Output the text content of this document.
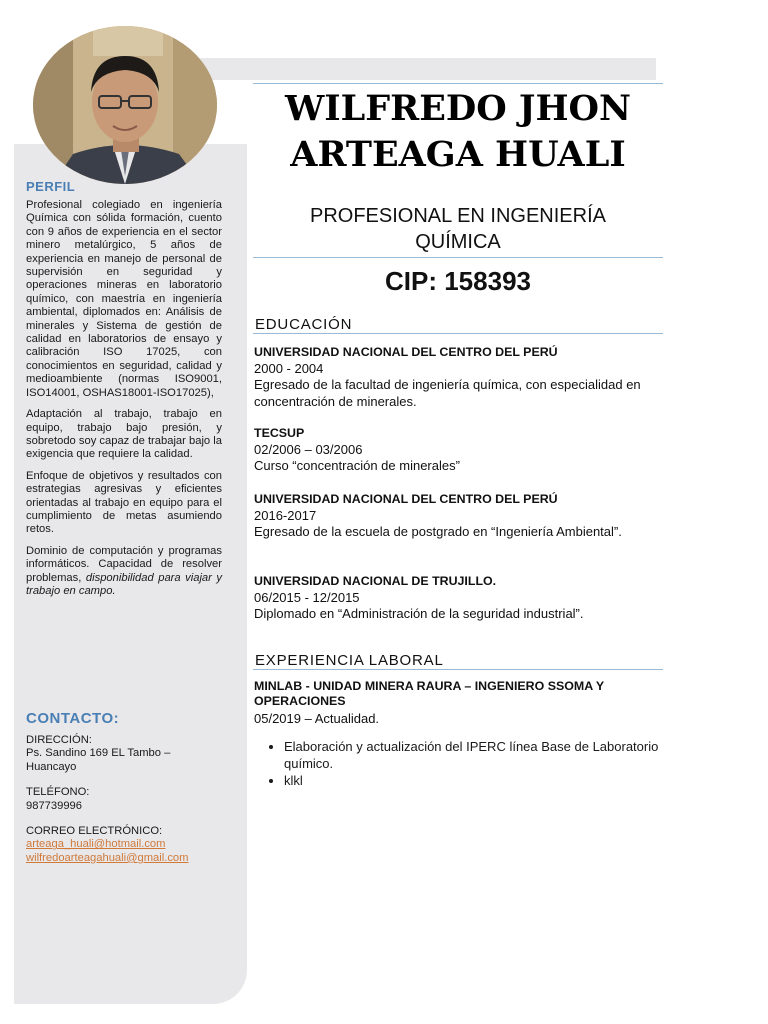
PERFIL

Profesional colegiado en ingeniería Química con sólida formación, cuento con 9 años de experiencia en el sector minero metalúrgico, 5 años de experiencia en manejo de personal de supervisión en seguridad y operaciones mineras en laboratorio químico, con maestría en ingeniería ambiental, diplomados en: Análisis de minerales y Sistema de gestión de calidad en laboratorios de ensayo y calibración ISO 17025, con conocimientos en seguridad, calidad y medioambiente (normas ISO9001, ISO14001, OSHAS18001-ISO17025),

Adaptación al trabajo, trabajo en equipo, trabajo bajo presión, y sobretodo soy capaz de trabajar bajo la exigencia que requiere la calidad.

Enfoque de objetivos y resultados con estrategias agresivas y eficientes orientadas al trabajo en equipo para el cumplimiento de metas asumiendo retos.

Dominio de computación y programas informáticos. Capacidad de resolver problemas, disponibilidad para viajar y trabajo en campo.

CONTACTO:
DIRECCIÓN:
Ps. Sandino 169 EL Tambo – Huancayo
TELÉFONO:
987739996
CORREO ELECTRÓNICO:
arteaga_huali@hotmail.com
wilfredoarteagahuali@gmail.com
WILFREDO JHON
ARTEAGA HUALI
PROFESIONAL EN INGENIERÍA
QUÍMICA
CIP: 158393
EDUCACIÓN
UNIVERSIDAD NACIONAL DEL CENTRO DEL PERÚ
2000 - 2004
Egresado de la facultad de ingeniería química, con especialidad en concentración de minerales.
TECSUP
02/2006 – 03/2006
Curso “concentración de minerales”
UNIVERSIDAD NACIONAL DEL CENTRO DEL PERÚ
2016-2017
Egresado de la escuela de postgrado en “Ingeniería Ambiental”.
UNIVERSIDAD NACIONAL DE TRUJILLO.
06/2015 - 12/2015
Diplomado en “Administración de la seguridad industrial”.
EXPERIENCIA LABORAL
MINLAB - UNIDAD MINERA RAURA – INGENIERO SSOMA Y OPERACIONES
05/2019 – Actualidad.
• Elaboración y actualización del IPERC línea Base de Laboratorio químico.
• klkl
